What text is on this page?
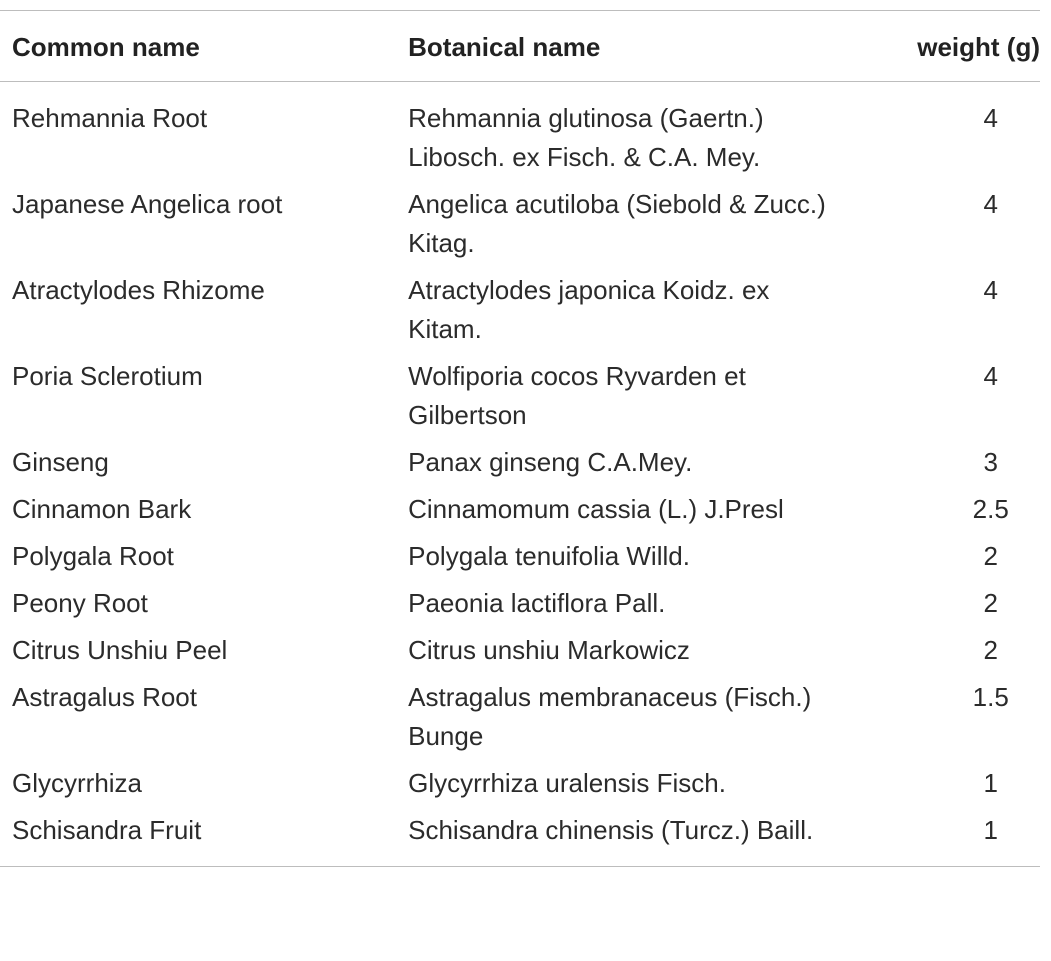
Common name	Botanical name	weight (g)
Rehmannia Root	Rehmannia glutinosa (Gaertn.) Libosch. ex Fisch. & C.A. Mey.	4
Japanese Angelica root	Angelica acutiloba (Siebold & Zucc.) Kitag.	4
Atractylodes Rhizome	Atractylodes japonica Koidz. ex Kitam.	4
Poria Sclerotium	Wolfiporia cocos Ryvarden et Gilbertson	4
Ginseng	Panax ginseng C.A.Mey.	3
Cinnamon Bark	Cinnamomum cassia (L.) J.Presl	2.5
Polygala Root	Polygala tenuifolia Willd.	2
Peony Root	Paeonia lactiflora Pall.	2
Citrus Unshiu Peel	Citrus unshiu Markowicz	2
Astragalus Root	Astragalus membranaceus (Fisch.) Bunge	1.5
Glycyrrhiza	Glycyrrhiza uralensis Fisch.	1
Schisandra Fruit	Schisandra chinensis (Turcz.) Baill.	1
